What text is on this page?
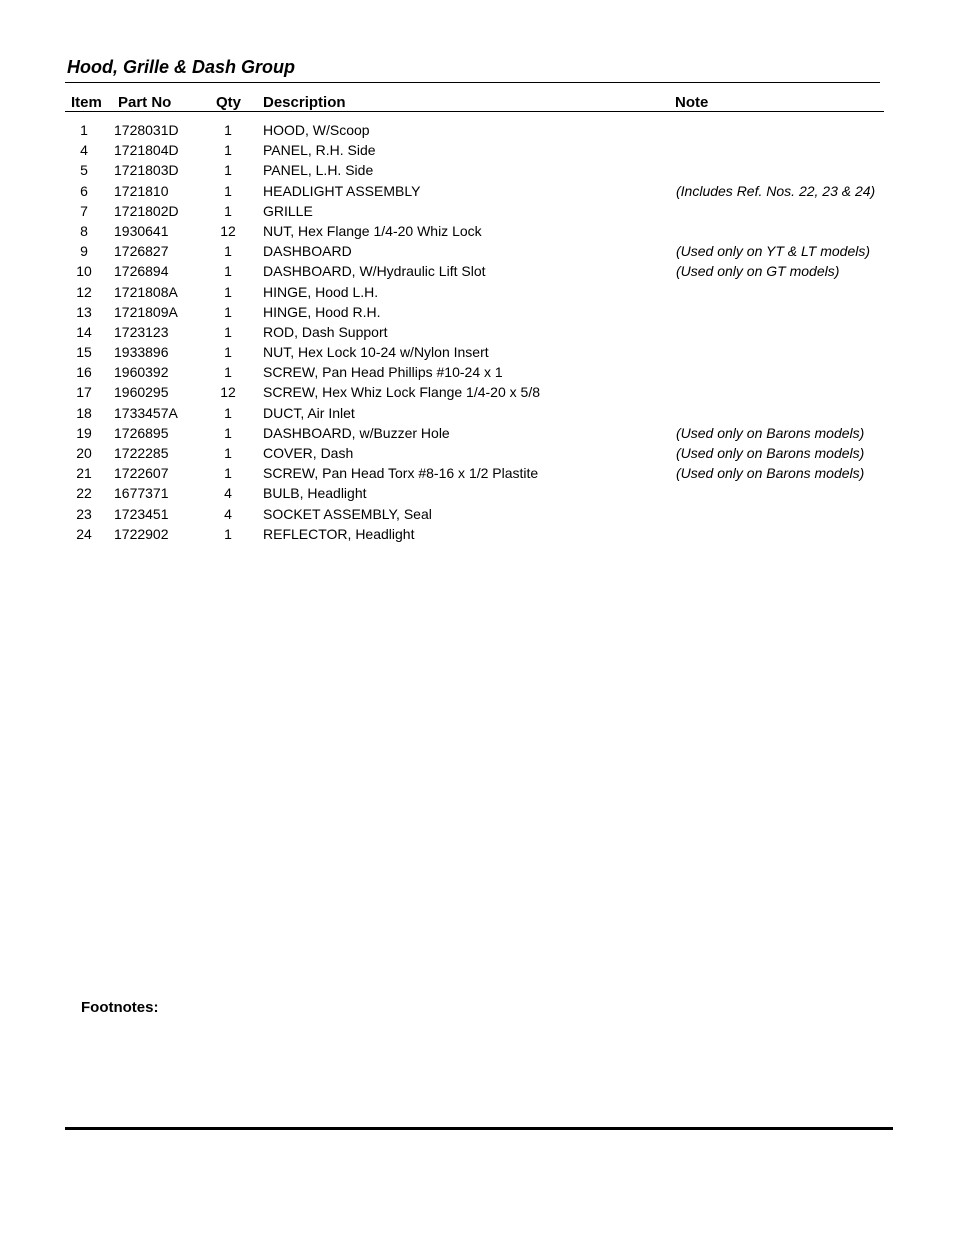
Hood, Grille & Dash Group
Item Part No	Qty Description	Note
1	1728031D	1	HOOD, W/Scoop
4	1721804D	1	PANEL, R.H. Side
5	1721803D	1	PANEL, L.H. Side
6	1721810	1	HEADLIGHT ASSEMBLY	(Includes Ref. Nos. 22, 23 & 24)
7	1721802D	1	GRILLE
8	1930641	12	NUT, Hex Flange 1/4-20 Whiz Lock
9	1726827	1	DASHBOARD	(Used only on YT & LT models)
10	1726894	1	DASHBOARD, W/Hydraulic Lift Slot	(Used only on GT models)
12	1721808A	1	HINGE, Hood L.H.
13	1721809A	1	HINGE, Hood R.H.
14	1723123	1	ROD, Dash Support
15	1933896	1	NUT, Hex Lock 10-24 w/Nylon Insert
16	1960392	1	SCREW, Pan Head Phillips #10-24 x 1
17	1960295	12	SCREW, Hex Whiz Lock Flange 1/4-20 x 5/8
18	1733457A	1	DUCT, Air Inlet
19	1726895	1	DASHBOARD, w/Buzzer Hole	(Used only on Barons models)
20	1722285	1	COVER, Dash	(Used only on Barons models)
21	1722607	1	SCREW, Pan Head Torx #8-16 x 1/2 Plastite	(Used only on Barons models)
22	1677371	4	BULB, Headlight
23	1723451	4	SOCKET ASSEMBLY, Seal
24	1722902	1	REFLECTOR, Headlight
Footnotes:
